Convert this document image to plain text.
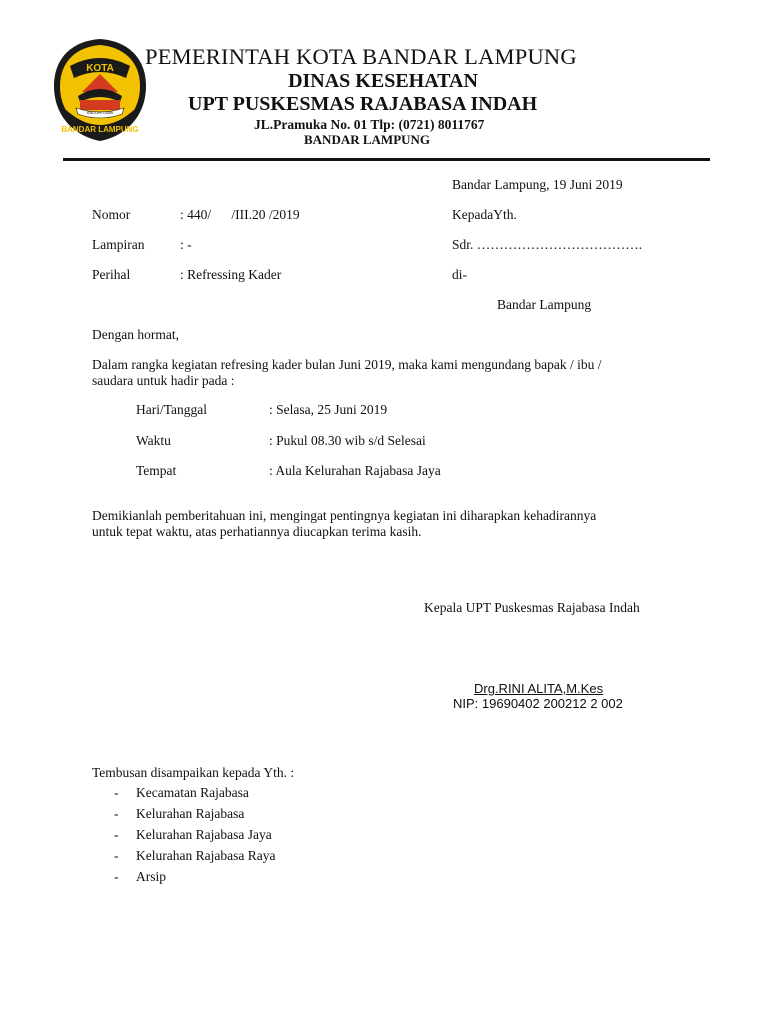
KOTA
RAGOM GAWI
BANDAR LAMPUNG
PEMERINTAH KOTA BANDAR LAMPUNG
DINAS KESEHATAN
UPT PUSKESMAS RAJABASA INDAH
JL.Pramuka No. 01 Tlp: (0721) 8011767
BANDAR LAMPUNG
Bandar Lampung, 19 Juni 2019
Nomor	: 440/      /III.20 /2019	KepadaYth.
Lampiran	: -	Sdr. ……………………………….
Perihal	: Refressing Kader	di-
Bandar Lampung
Dengan hormat,
Dalam rangka kegiatan refresing kader bulan Juni 2019, maka kami mengundang bapak / ibu /
saudara untuk hadir pada :
Hari/Tanggal	: Selasa, 25 Juni 2019
Waktu	: Pukul 08.30 wib s/d Selesai
Tempat	: Aula Kelurahan Rajabasa Jaya
Demikianlah pemberitahuan ini, mengingat pentingnya kegiatan ini diharapkan kehadirannya
untuk tepat waktu, atas perhatiannya diucapkan terima kasih.
Kepala UPT Puskesmas Rajabasa Indah
Drg.RINI ALITA,M.Kes
NIP: 19690402 200212 2 002
Tembusan disampaikan kepada Yth. :
- Kecamatan Rajabasa
- Kelurahan Rajabasa
- Kelurahan Rajabasa Jaya
- Kelurahan Rajabasa Raya
- Arsip
